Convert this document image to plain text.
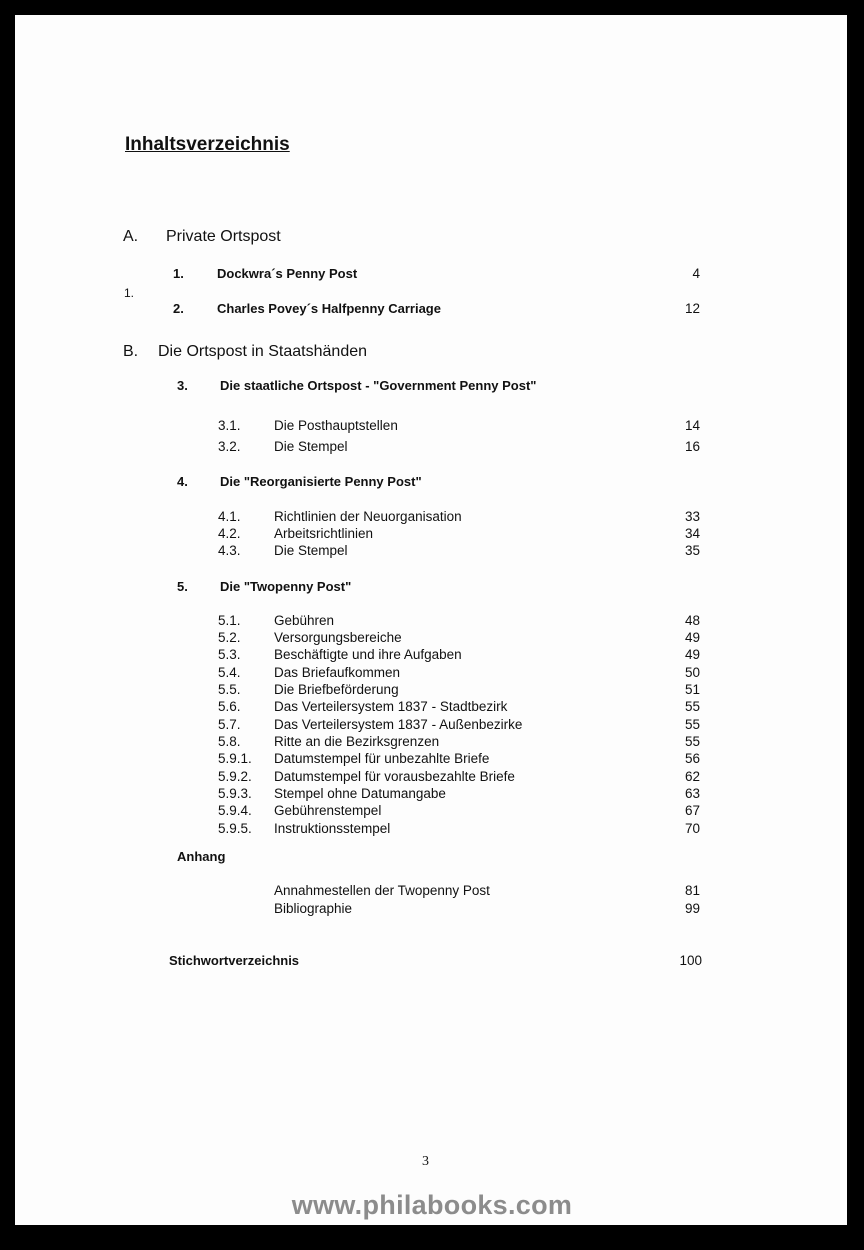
Inhaltsverzeichnis
A. Private Ortspost
1.	Dockwra´s Penny Post	4
1.
2.	Charles Povey´s Halfpenny Carriage	12
B. Die Ortspost in Staatshänden
3. Die staatliche Ortspost - "Government Penny Post"
3.1. Die Posthauptstellen	14
3.2. Die Stempel	16
4. Die "Reorganisierte Penny Post"
4.1. Richtlinien der Neuorganisation	33
4.2. Arbeitsrichtlinien	34
4.3. Die Stempel	35
5. Die "Twopenny Post"
5.1. Gebühren	48
5.2. Versorgungsbereiche	49
5.3. Beschäftigte und ihre Aufgaben	49
5.4. Das Briefaufkommen	50
5.5. Die Briefbeförderung	51
5.6. Das Verteilersystem 1837 - Stadtbezirk	55
5.7. Das Verteilersystem 1837 - Außenbezirke	55
5.8. Ritte an die Bezirksgrenzen	55
5.9.1. Datumstempel für unbezahlte Briefe	56
5.9.2. Datumstempel für vorausbezahlte Briefe	62
5.9.3. Stempel ohne Datumangabe	63
5.9.4. Gebührenstempel	67
5.9.5. Instruktionsstempel	70
Anhang
Annahmestellen der Twopenny Post	81
Bibliographie	99
Stichwortverzeichnis	100
3
www.philabooks.com
